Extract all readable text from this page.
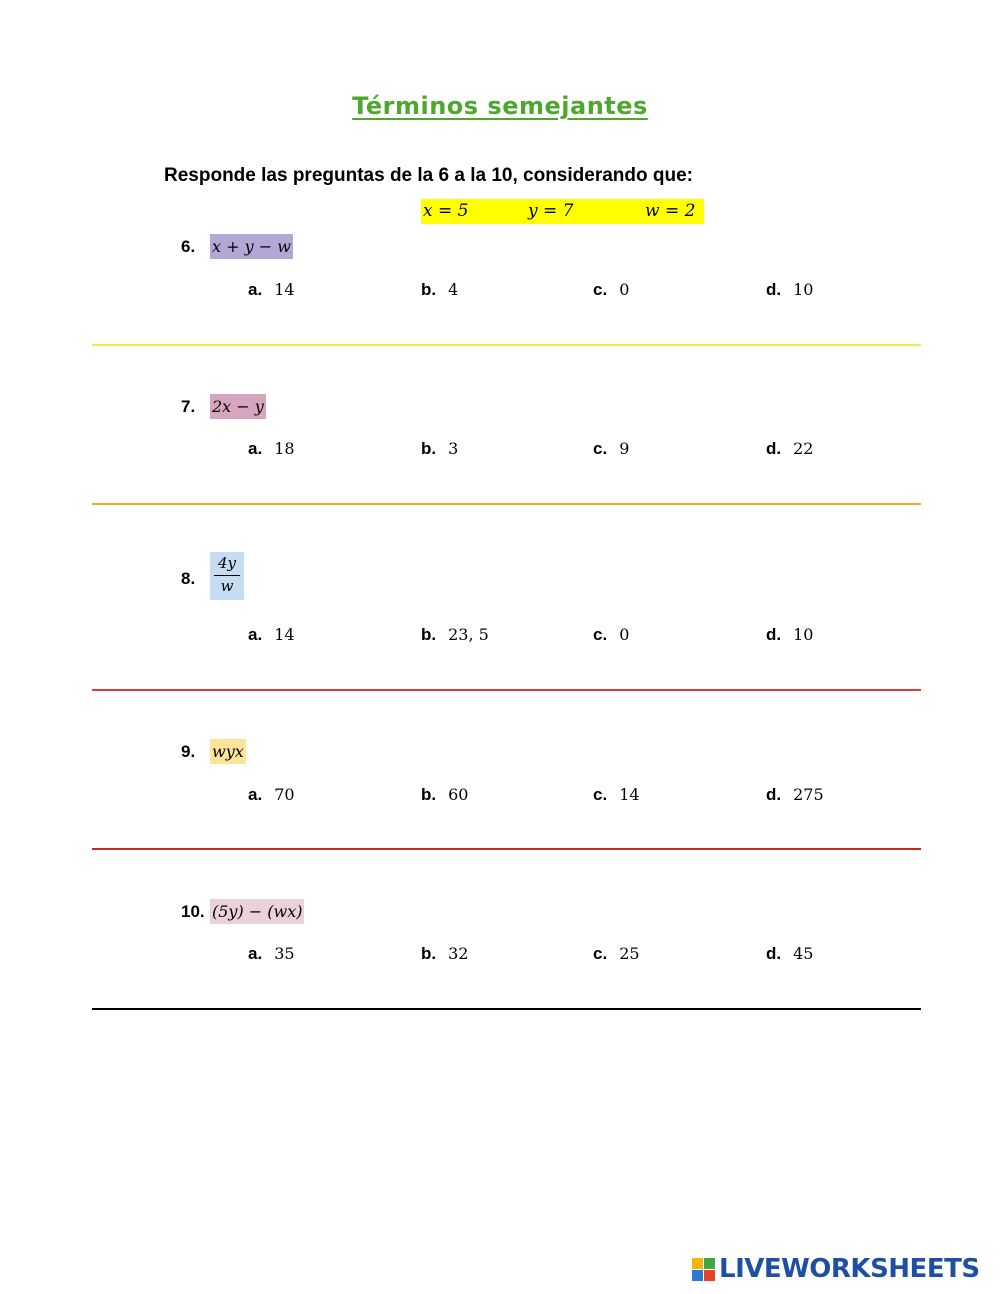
Términos semejantes
Responde las preguntas de la 6 a la 10, considerando que:
x = 5	y = 7	w = 2
6. x + y − w
a. 14	b. 4	c. 0	d. 10
7. 2x − y
a. 18	b. 3	c. 9	d. 22
8.
4y
w
a. 14	b. 23, 5	c. 0	d. 10
9. wyx
a. 70	b. 60	c. 14	d. 275
10. (5y) − (wx)
a. 35	b. 32	c. 25	d. 45
LIVEWORKSHEETS
